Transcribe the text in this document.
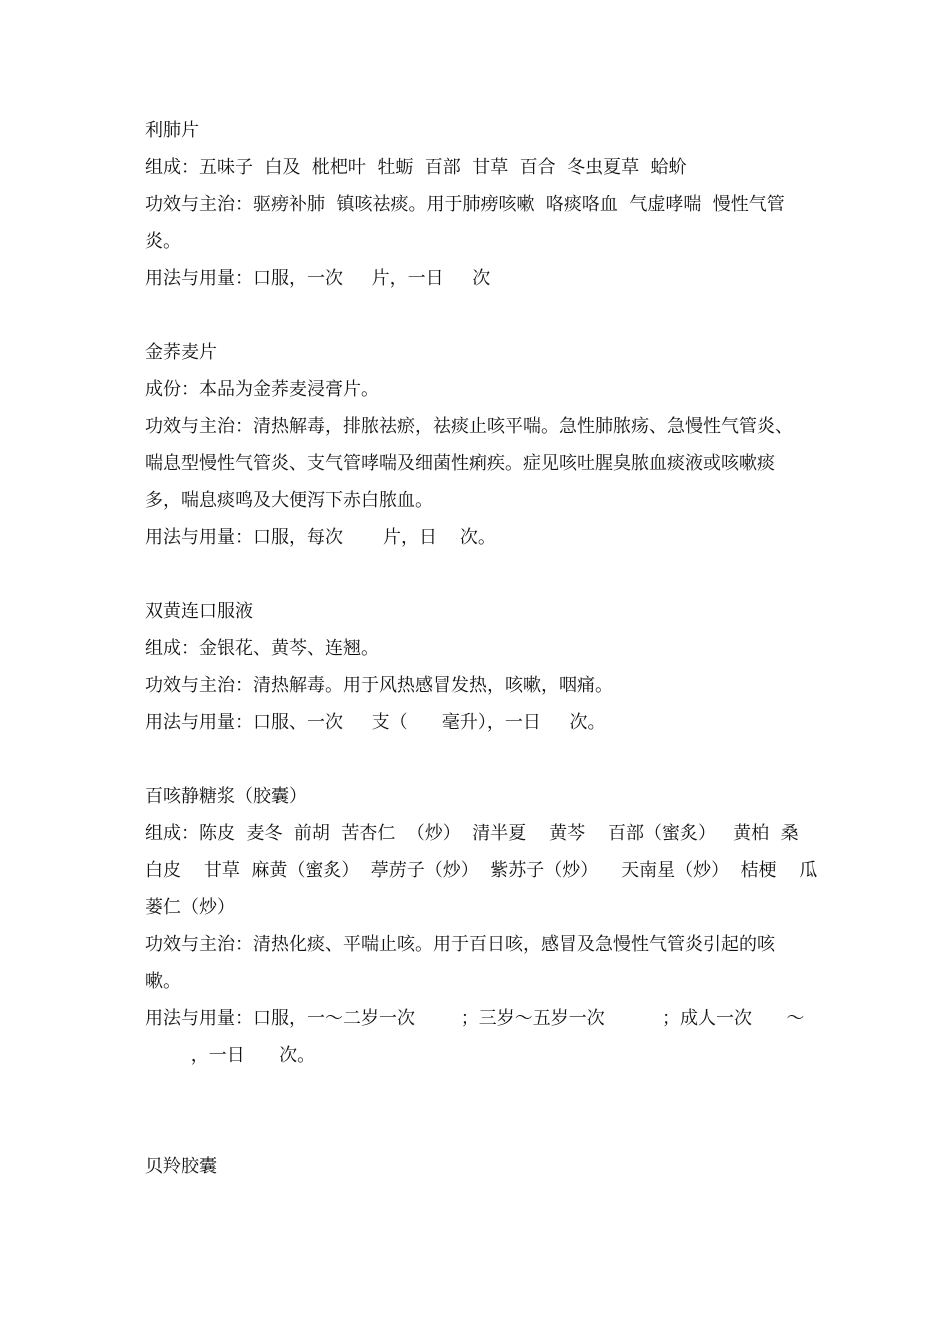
利肺片

组成：五味子  白及  枇杷叶  牡蛎  百部  甘草  百合  冬虫夏草  蛤蚧

功效与主治：驱痨补肺  镇咳祛痰。用于肺痨咳嗽  咯痰咯血  气虚哮喘  慢性气管

炎。

用法与用量：口服，一次     片，一日     次

金荞麦片

成份：本品为金荞麦浸膏片。

功效与主治：清热解毒，排脓祛瘀，祛痰止咳平喘。急性肺脓疡、急慢性气管炎、

喘息型慢性气管炎、支气管哮喘及细菌性痢疾。症见咳吐腥臭脓血痰液或咳嗽痰

多，喘息痰鸣及大便泻下赤白脓血。

用法与用量：口服，每次       片，日    次。

双黄连口服液

组成：金银花、黄芩、连翘。

功效与主治：清热解毒。用于风热感冒发热，咳嗽，咽痛。

用法与用量：口服、一次     支（      毫升），一日     次。

百咳静糖浆（胶囊）

组成：陈皮  麦冬  前胡  苦杏仁  （炒）  清半夏    黄芩    百部（蜜炙）   黄柏  桑

白皮    甘草  麻黄（蜜炙）  葶苈子（炒）  紫苏子（炒）    天南星（炒）  桔梗    瓜

蒌仁（炒）

功效与主治：清热化痰、平喘止咳。用于百日咳，感冒及急慢性气管炎引起的咳

嗽。

用法与用量：口服，一～二岁一次        ；三岁～五岁一次          ；成人一次      ～

，一日      次。

贝羚胶囊
